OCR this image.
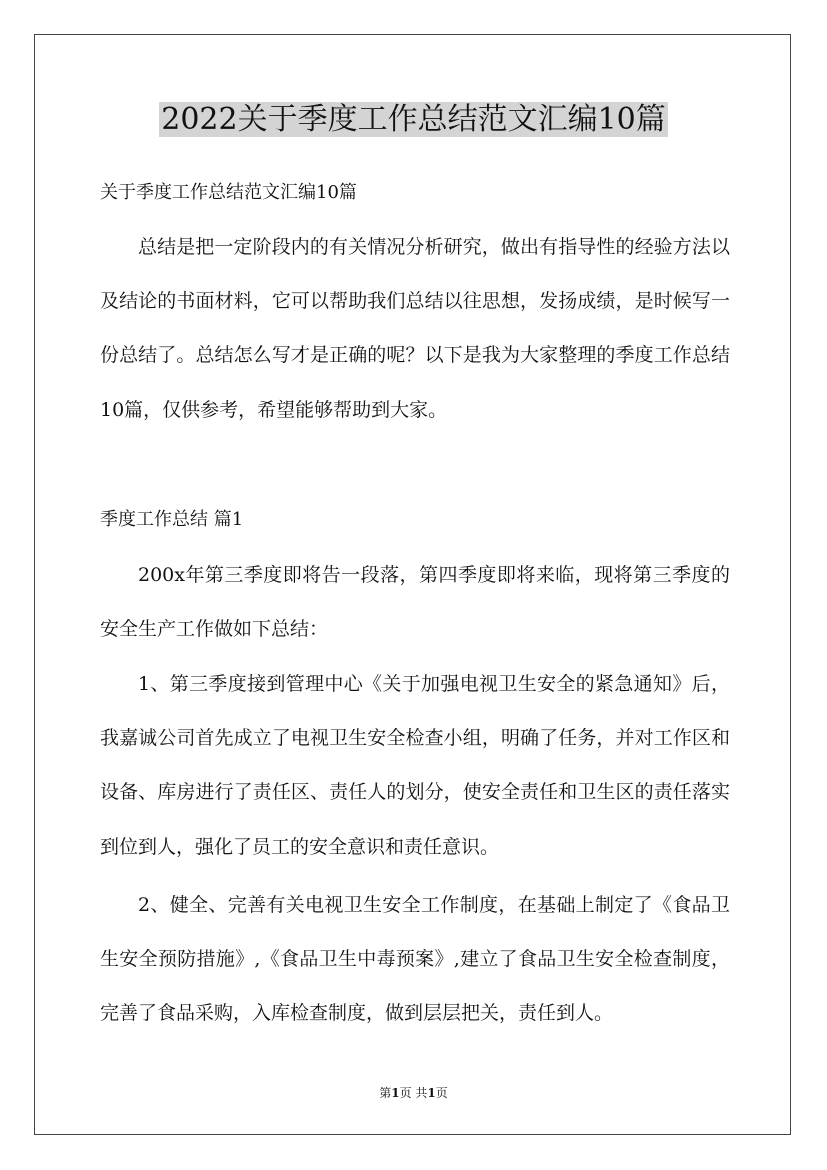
2022关于季度工作总结范文汇编10篇
关于季度工作总结范文汇编10篇
总结是把一定阶段内的有关情况分析研究，做出有指导性的经验方法以及结论的书面材料，它可以帮助我们总结以往思想，发扬成绩，是时候写一份总结了。总结怎么写才是正确的呢？以下是我为大家整理的季度工作总结10篇，仅供参考，希望能够帮助到大家。
季度工作总结 篇1
200x年第三季度即将告一段落，第四季度即将来临，现将第三季度的安全生产工作做如下总结：
1、第三季度接到管理中心《关于加强电视卫生安全的紧急通知》后，我嘉诚公司首先成立了电视卫生安全检查小组，明确了任务，并对工作区和设备、库房进行了责任区、责任人的划分，使安全责任和卫生区的责任落实到位到人，强化了员工的安全意识和责任意识。
2、健全、完善有关电视卫生安全工作制度，在基础上制定了《食品卫生安全预防措施》,《食品卫生中毒预案》,建立了食品卫生安全检查制度，完善了食品采购，入库检查制度，做到层层把关，责任到人。
第1页 共1页
